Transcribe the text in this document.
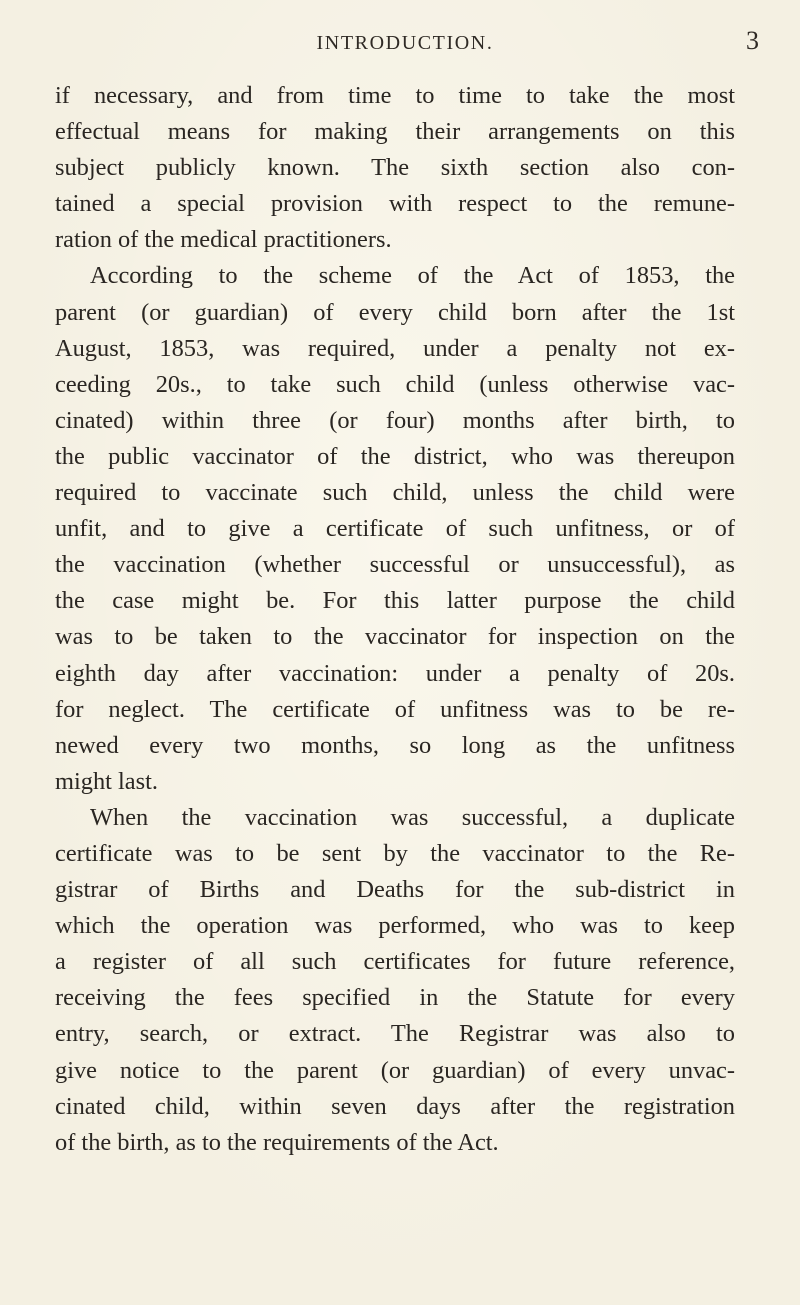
INTRODUCTION.	3
if necessary, and from time to time to take the most
effectual means for making their arrangements on this
subject publicly known. The sixth section also con-
tained a special provision with respect to the remune-
ration of the medical practitioners.
According to the scheme of the Act of 1853, the
parent (or guardian) of every child born after the 1st
August, 1853, was required, under a penalty not ex-
ceeding 20s., to take such child (unless otherwise vac-
cinated) within three (or four) months after birth, to
the public vaccinator of the district, who was thereupon
required to vaccinate such child, unless the child were
unfit, and to give a certificate of such unfitness, or of
the vaccination (whether successful or unsuccessful), as
the case might be. For this latter purpose the child
was to be taken to the vaccinator for inspection on the
eighth day after vaccination: under a penalty of 20s.
for neglect. The certificate of unfitness was to be re-
newed every two months, so long as the unfitness
might last.
When the vaccination was successful, a duplicate
certificate was to be sent by the vaccinator to the Re-
gistrar of Births and Deaths for the sub-district in
which the operation was performed, who was to keep
a register of all such certificates for future reference,
receiving the fees specified in the Statute for every
entry, search, or extract. The Registrar was also to
give notice to the parent (or guardian) of every unvac-
cinated child, within seven days after the registration
of the birth, as to the requirements of the Act.
